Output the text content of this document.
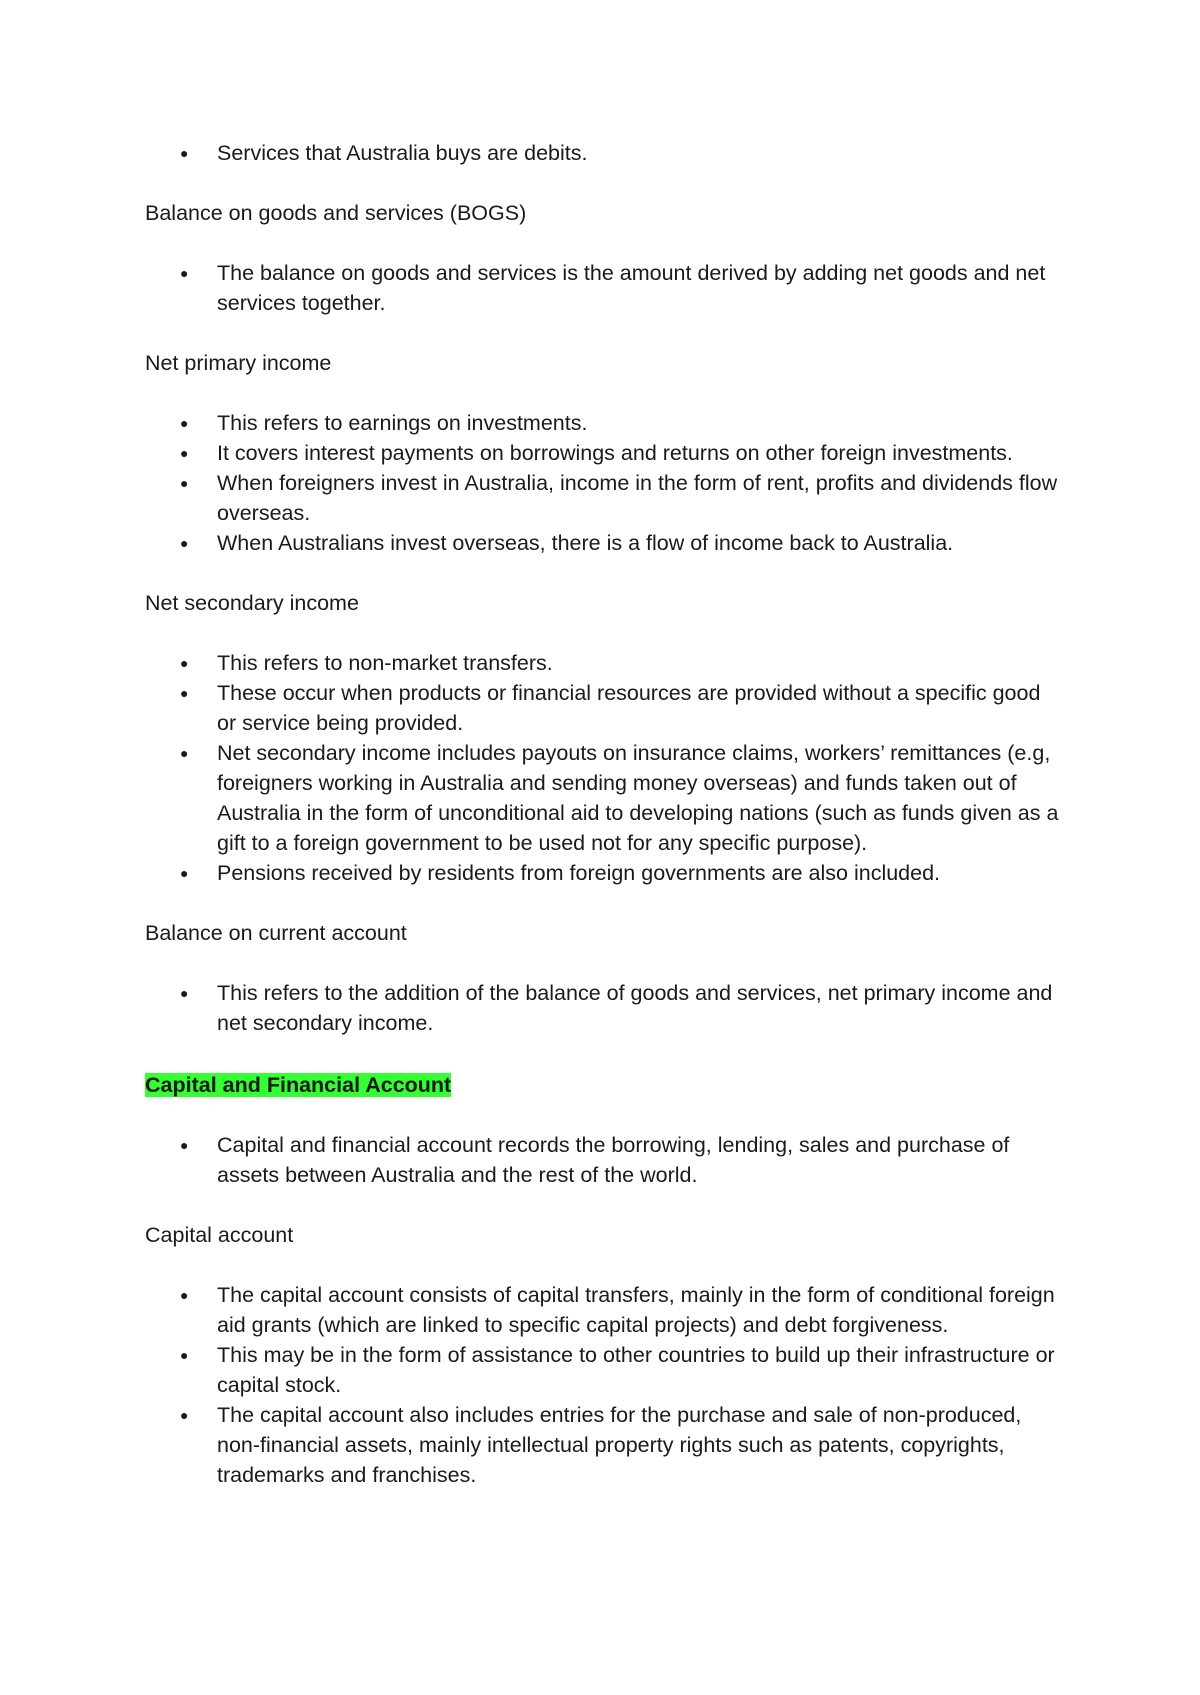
● Services that Australia buys are debits.

Balance on goods and services (BOGS)

● The balance on goods and services is the amount derived by adding net goods and net services together.

Net primary income

● This refers to earnings on investments.
● It covers interest payments on borrowings and returns on other foreign investments.
● When foreigners invest in Australia, income in the form of rent, profits and dividends flow overseas.
● When Australians invest overseas, there is a flow of income back to Australia.

Net secondary income

● This refers to non-market transfers.
● These occur when products or financial resources are provided without a specific good or service being provided.
● Net secondary income includes payouts on insurance claims, workers’ remittances (e.g, foreigners working in Australia and sending money overseas) and funds taken out of Australia in the form of unconditional aid to developing nations (such as funds given as a gift to a foreign government to be used not for any specific purpose).
● Pensions received by residents from foreign governments are also included.

Balance on current account

● This refers to the addition of the balance of goods and services, net primary income and net secondary income.

Capital and Financial Account

● Capital and financial account records the borrowing, lending, sales and purchase of assets between Australia and the rest of the world.

Capital account

● The capital account consists of capital transfers, mainly in the form of conditional foreign aid grants (which are linked to specific capital projects) and debt forgiveness.
● This may be in the form of assistance to other countries to build up their infrastructure or capital stock.
● The capital account also includes entries for the purchase and sale of non-produced, non-financial assets, mainly intellectual property rights such as patents, copyrights, trademarks and franchises.
